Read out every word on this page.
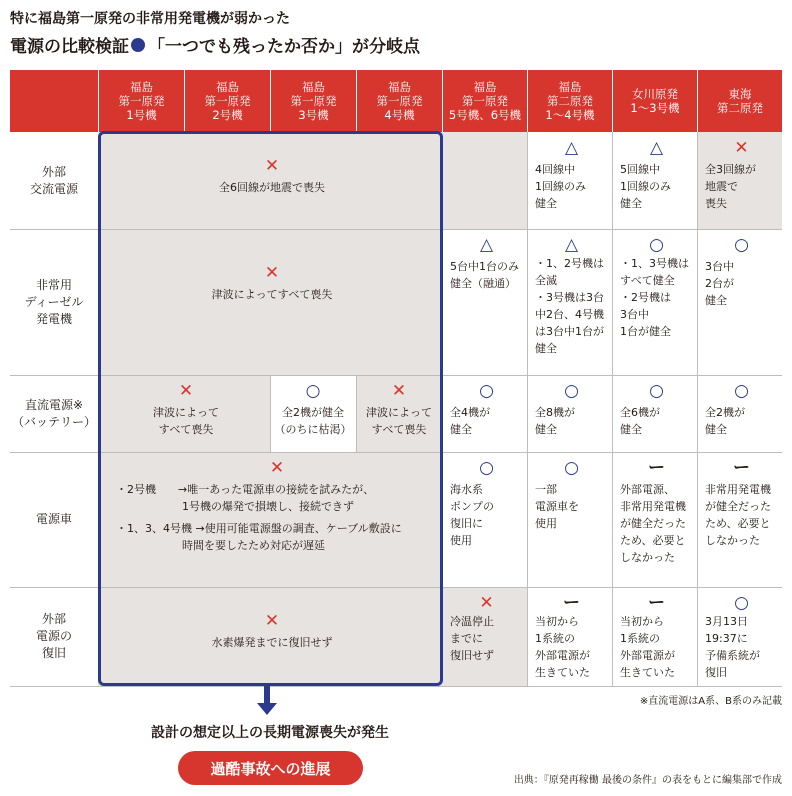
特に福島第一原発の非常用発電機が弱かった
電源の比較検証 「一つでも残ったか否か」が分岐点
福島
第一原発
1号機
福島
第一原発
2号機
福島
第一原発
3号機
福島
第一原発
4号機
福島
第一原発
5号機、6号機
福島
第二原発
1～4号機
女川原発
1～3号機
東海
第二原発
外部
交流電源
非常用
ディーゼル
発電機
直流電源※
（バッテリー）
電源車
外部
電源の
復旧
✕
全6回線が地震で喪失
△
4回線中
1回線のみ
健全
△
5回線中
1回線のみ
健全
✕
全3回線が
地震で
喪失
✕
津波によってすべて喪失
△
5台中1台のみ
健全（融通）
△
・1、2号機は
全滅
・3号機は3台
中2台、4号機
は3台中1台が
健全
○
・1、3号機は
すべて健全
・2号機は
3台中
1台が健全
○
3台中
2台が
健全
✕
津波によって
すべて喪失
○
全2機が健全
（のちに枯渇）
✕
津波によって
すべて喪失
○
全4機が
健全
○
全8機が
健全
○
全6機が
健全
○
全2機が
健全
✕
・2号機　　→唯一あった電源車の接続を試みたが、
　　　　　　1号機の爆発で損壊し、接続できず
・1、3、4号機 →使用可能電源盤の調査、ケーブル敷設に
　　　　　　時間を要したため対応が遅延
○
海水系
ポンプの
復旧に
使用
○
一部
電源車を
使用
ー
外部電源、
非常用発電機
が健全だった
ため、必要と
しなかった
ー
非常用発電機
が健全だった
ため、必要と
しなかった
✕
水素爆発までに復旧せず
✕
冷温停止
までに
復旧せず
ー
当初から
1系統の
外部電源が
生きていた
ー
当初から
1系統の
外部電源が
生きていた
○
3月13日
19:37に
予備系統が
復旧
※直流電源はA系、B系のみ記載
設計の想定以上の長期電源喪失が発生
過酷事故への進展
出典：『原発再稼働 最後の条件』の表をもとに編集部で作成
